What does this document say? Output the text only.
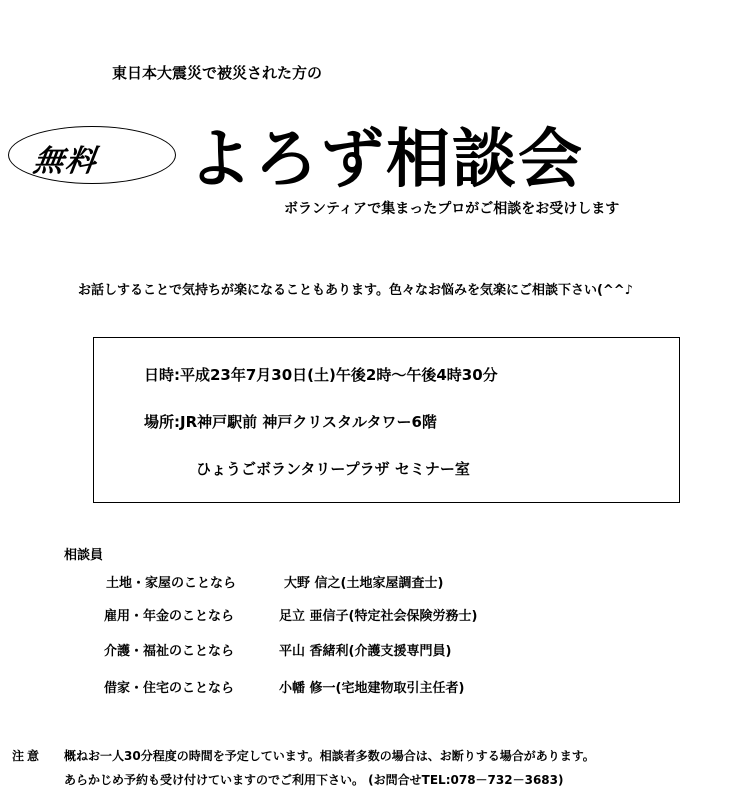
東日本大震災で被災された方の
無料 よろず相談会
ボランティアで集まったプロがご相談をお受けします
お話しすることで気持ちが楽になることもあります。色々なお悩みを気楽にご相談下さい(^^♪
日時:平成23年7月30日(土)午後2時～午後4時30分
場所:JR神戸駅前 神戸クリスタルタワー6階
ひょうごボランタリープラザ セミナー室
相談員
土地・家屋のことなら	大野 信之(土地家屋調査士)
雇用・年金のことなら	足立 亜信子(特定社会保険労務士)
介護・福祉のことなら	平山 香緒利(介護支援専門員)
借家・住宅のことなら	小幡 修一(宅地建物取引主任者)
注意 概ねお一人30分程度の時間を予定しています。相談者多数の場合は、お断りする場合があります。
あらかじめ予約も受け付けていますのでご利用下さい。 (お問合せTEL:078－732－3683)
